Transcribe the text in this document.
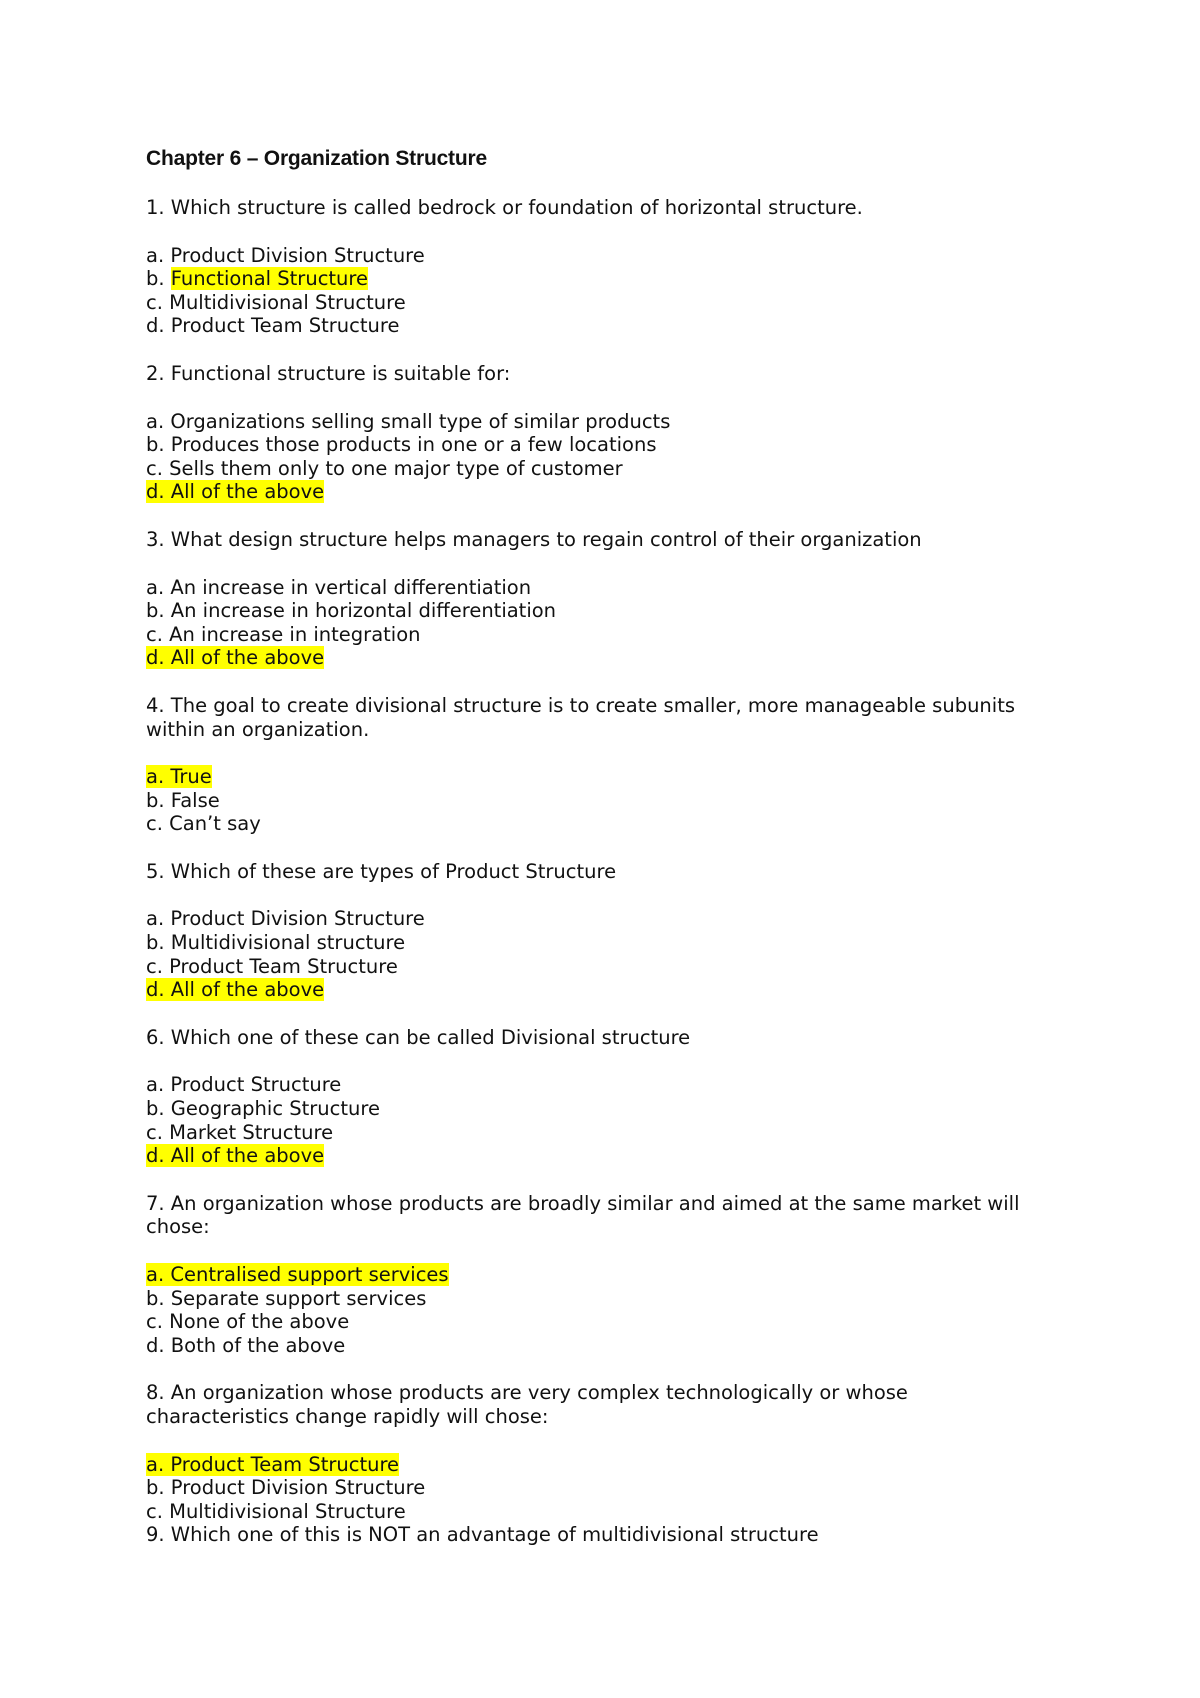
Chapter 6 – Organization Structure
1. Which structure is called bedrock or foundation of horizontal structure.
a. Product Division Structure
b. Functional Structure
c. Multidivisional Structure
d. Product Team Structure
2. Functional structure is suitable for:
a. Organizations selling small type of similar products
b. Produces those products in one or a few locations
c. Sells them only to one major type of customer
d. All of the above
3. What design structure helps managers to regain control of their organization
a. An increase in vertical differentiation
b. An increase in horizontal differentiation
c. An increase in integration
d. All of the above
4. The goal to create divisional structure is to create smaller, more manageable subunits
within an organization.
a. True
b. False
c. Can’t say
5. Which of these are types of Product Structure
a. Product Division Structure
b. Multidivisional structure
c. Product Team Structure
d. All of the above
6. Which one of these can be called Divisional structure
a. Product Structure
b. Geographic Structure
c. Market Structure
d. All of the above
7. An organization whose products are broadly similar and aimed at the same market will
chose:
a. Centralised support services
b. Separate support services
c. None of the above
d. Both of the above
8. An organization whose products are very complex technologically or whose
characteristics change rapidly will chose:
a. Product Team Structure
b. Product Division Structure
c. Multidivisional Structure
9. Which one of this is NOT an advantage of multidivisional structure
